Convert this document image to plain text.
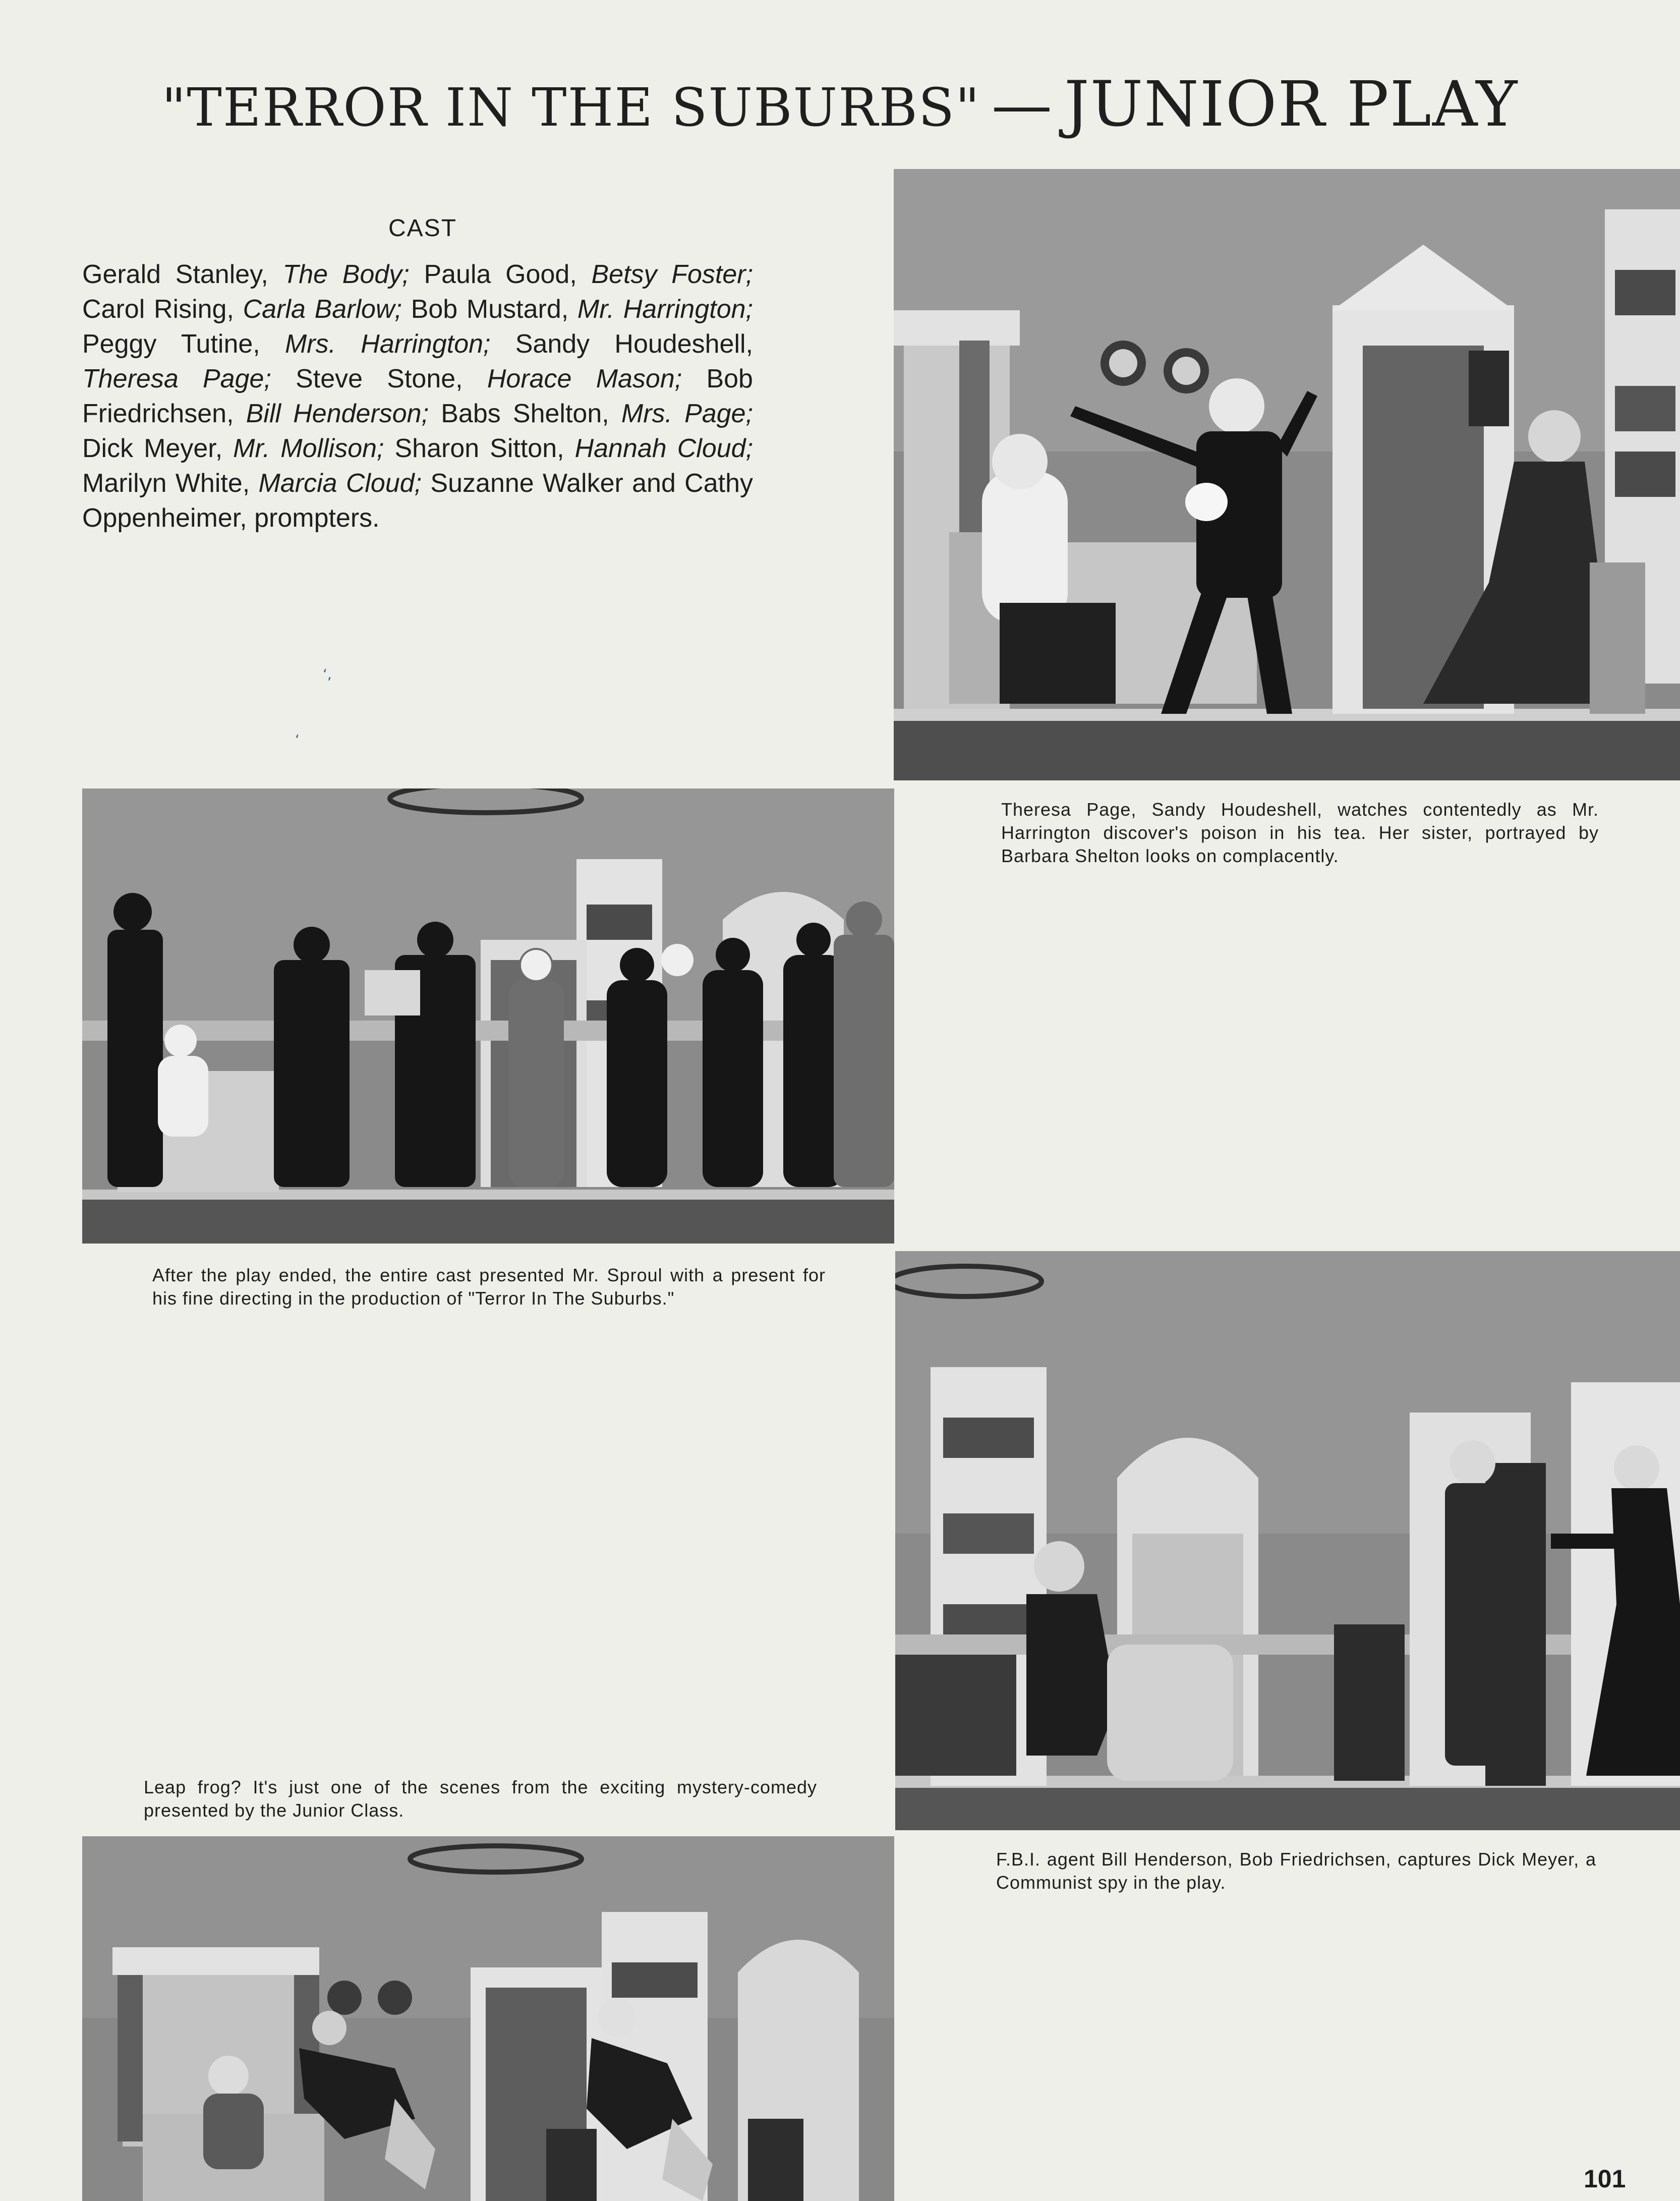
"TERROR IN THE SUBURBS" — JUNIOR PLAY
CAST
Gerald Stanley, The Body; Paula Good, Betsy Foster; Carol Rising, Carla Barlow; Bob Mustard, Mr. Harrington; Peggy Tutine, Mrs. Harrington; Sandy Houdeshell, Theresa Page; Steve Stone, Horace Mason; Bob Friedrichsen, Bill Henderson; Babs Shelton, Mrs. Page; Dick Meyer, Mr. Mollison; Sharon Sitton, Hannah Cloud; Marilyn White, Marcia Cloud; Suzanne Walker and Cathy Oppenheimer, prompters.
ʻ,
ʻ
Theresa Page, Sandy Houdeshell, watches contentedly as Mr. Harrington discover's poison in his tea. Her sister, portrayed by Barbara Shelton looks on complacently.
After the play ended, the entire cast presented Mr. Sproul with a present for his fine directing in the production of "Terror In The Suburbs."
Leap frog? It's just one of the scenes from the exciting mystery-comedy presented by the Junior Class.
F.B.I. agent Bill Henderson, Bob Friedrichsen, captures Dick Meyer, a Communist spy in the play.
101
